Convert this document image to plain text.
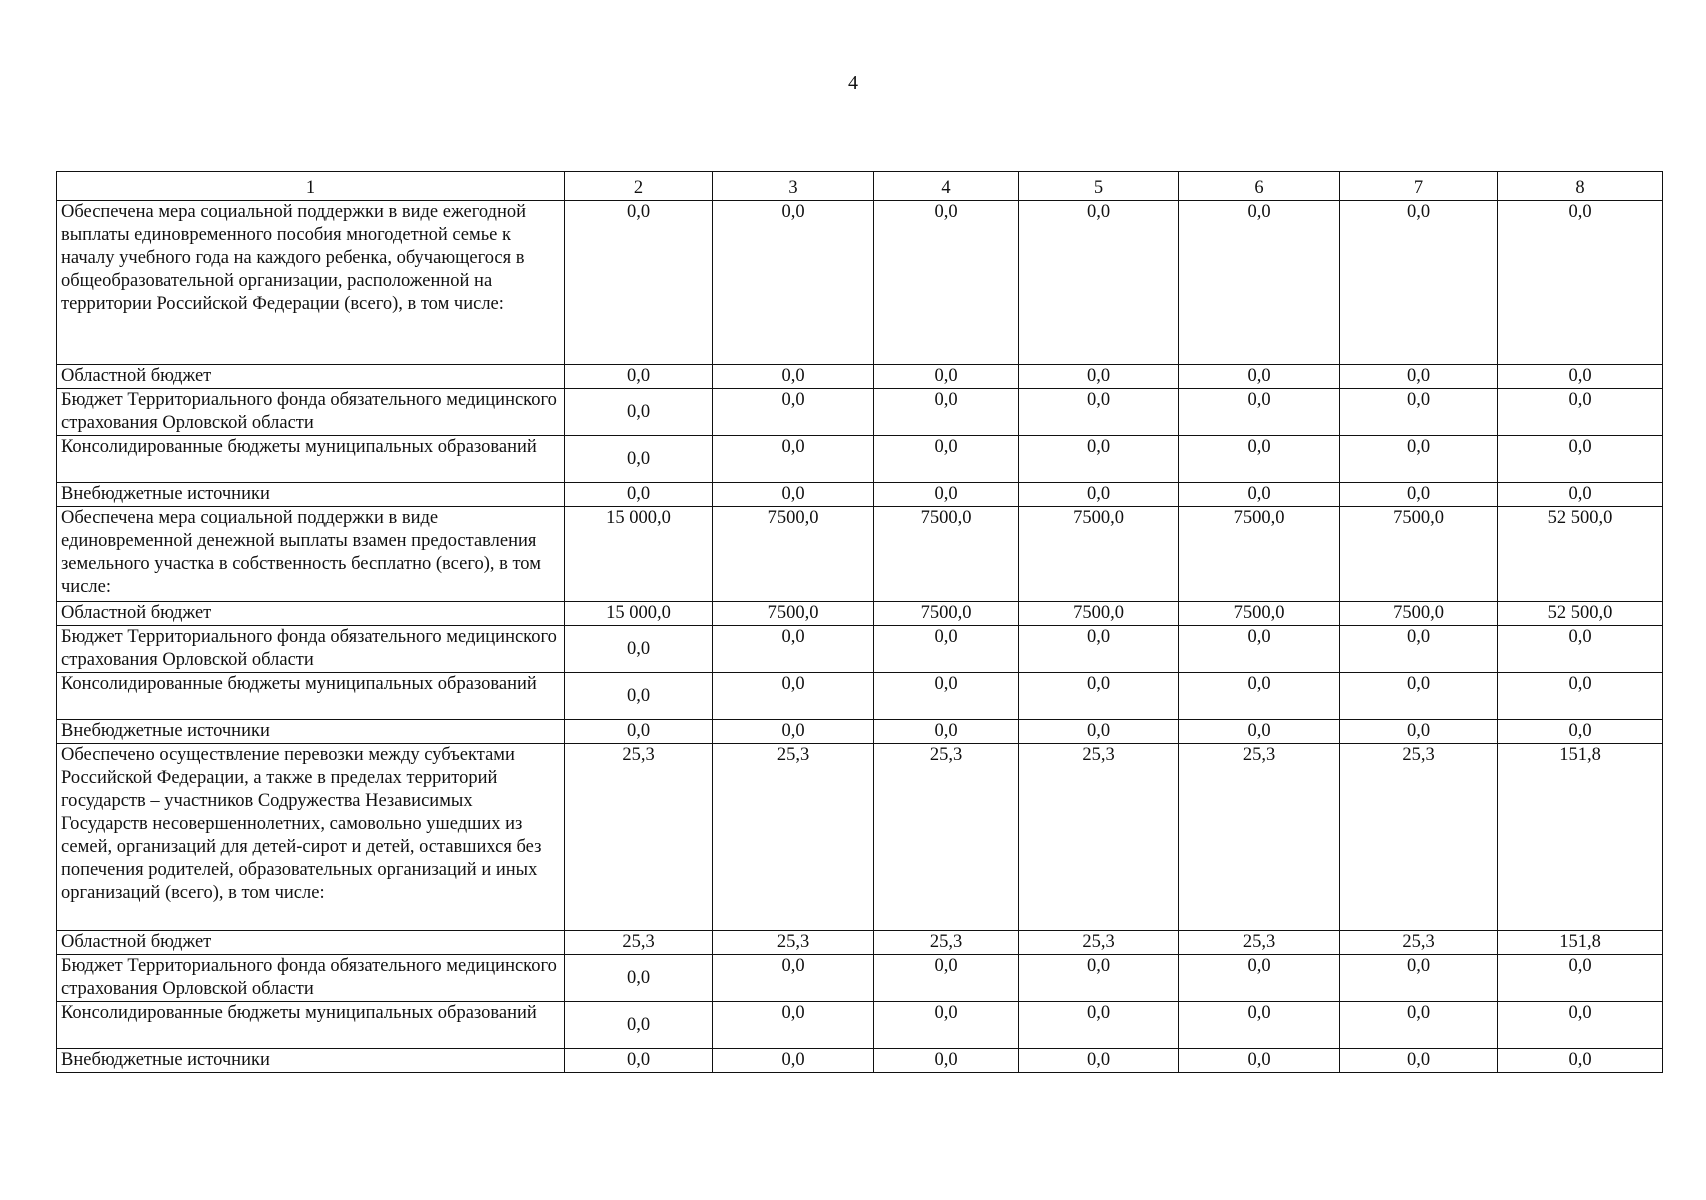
4
1	2	3	4	5	6	7	8
Обеспечена мера социальной поддержки в виде ежегодной выплаты единовременного пособия многодетной семье к началу учебного года на каждого ребенка, обучающегося в общеобразовательной организации, расположенной на территории Российской Федерации (всего), в том числе:	0,0	0,0	0,0	0,0	0,0	0,0	0,0
Областной бюджет	0,0	0,0	0,0	0,0	0,0	0,0	0,0
Бюджет Территориального фонда обязательного медицинского страхования Орловской области	0,0	0,0	0,0	0,0	0,0	0,0	0,0
Консолидированные бюджеты муниципальных образований	0,0	0,0	0,0	0,0	0,0	0,0	0,0
Внебюджетные источники	0,0	0,0	0,0	0,0	0,0	0,0	0,0
Обеспечена мера социальной поддержки в виде единовременной денежной выплаты взамен предоставления земельного участка в собственность бесплатно (всего), в том числе:	15 000,0	7500,0	7500,0	7500,0	7500,0	7500,0	52 500,0
Областной бюджет	15 000,0	7500,0	7500,0	7500,0	7500,0	7500,0	52 500,0
Бюджет Территориального фонда обязательного медицинского страхования Орловской области	0,0	0,0	0,0	0,0	0,0	0,0	0,0
Консолидированные бюджеты муниципальных образований	0,0	0,0	0,0	0,0	0,0	0,0	0,0
Внебюджетные источники	0,0	0,0	0,0	0,0	0,0	0,0	0,0
Обеспечено осуществление перевозки между субъектами Российской Федерации, а также в пределах территорий государств – участников Содружества Независимых Государств несовершеннолетних, самовольно ушедших из семей, организаций для детей-сирот и детей, оставшихся без попечения родителей, образовательных организаций и иных организаций (всего), в том числе:	25,3	25,3	25,3	25,3	25,3	25,3	151,8
Областной бюджет	25,3	25,3	25,3	25,3	25,3	25,3	151,8
Бюджет Территориального фонда обязательного медицинского страхования Орловской области	0,0	0,0	0,0	0,0	0,0	0,0	0,0
Консолидированные бюджеты муниципальных образований	0,0	0,0	0,0	0,0	0,0	0,0	0,0
Внебюджетные источники	0,0	0,0	0,0	0,0	0,0	0,0	0,0
